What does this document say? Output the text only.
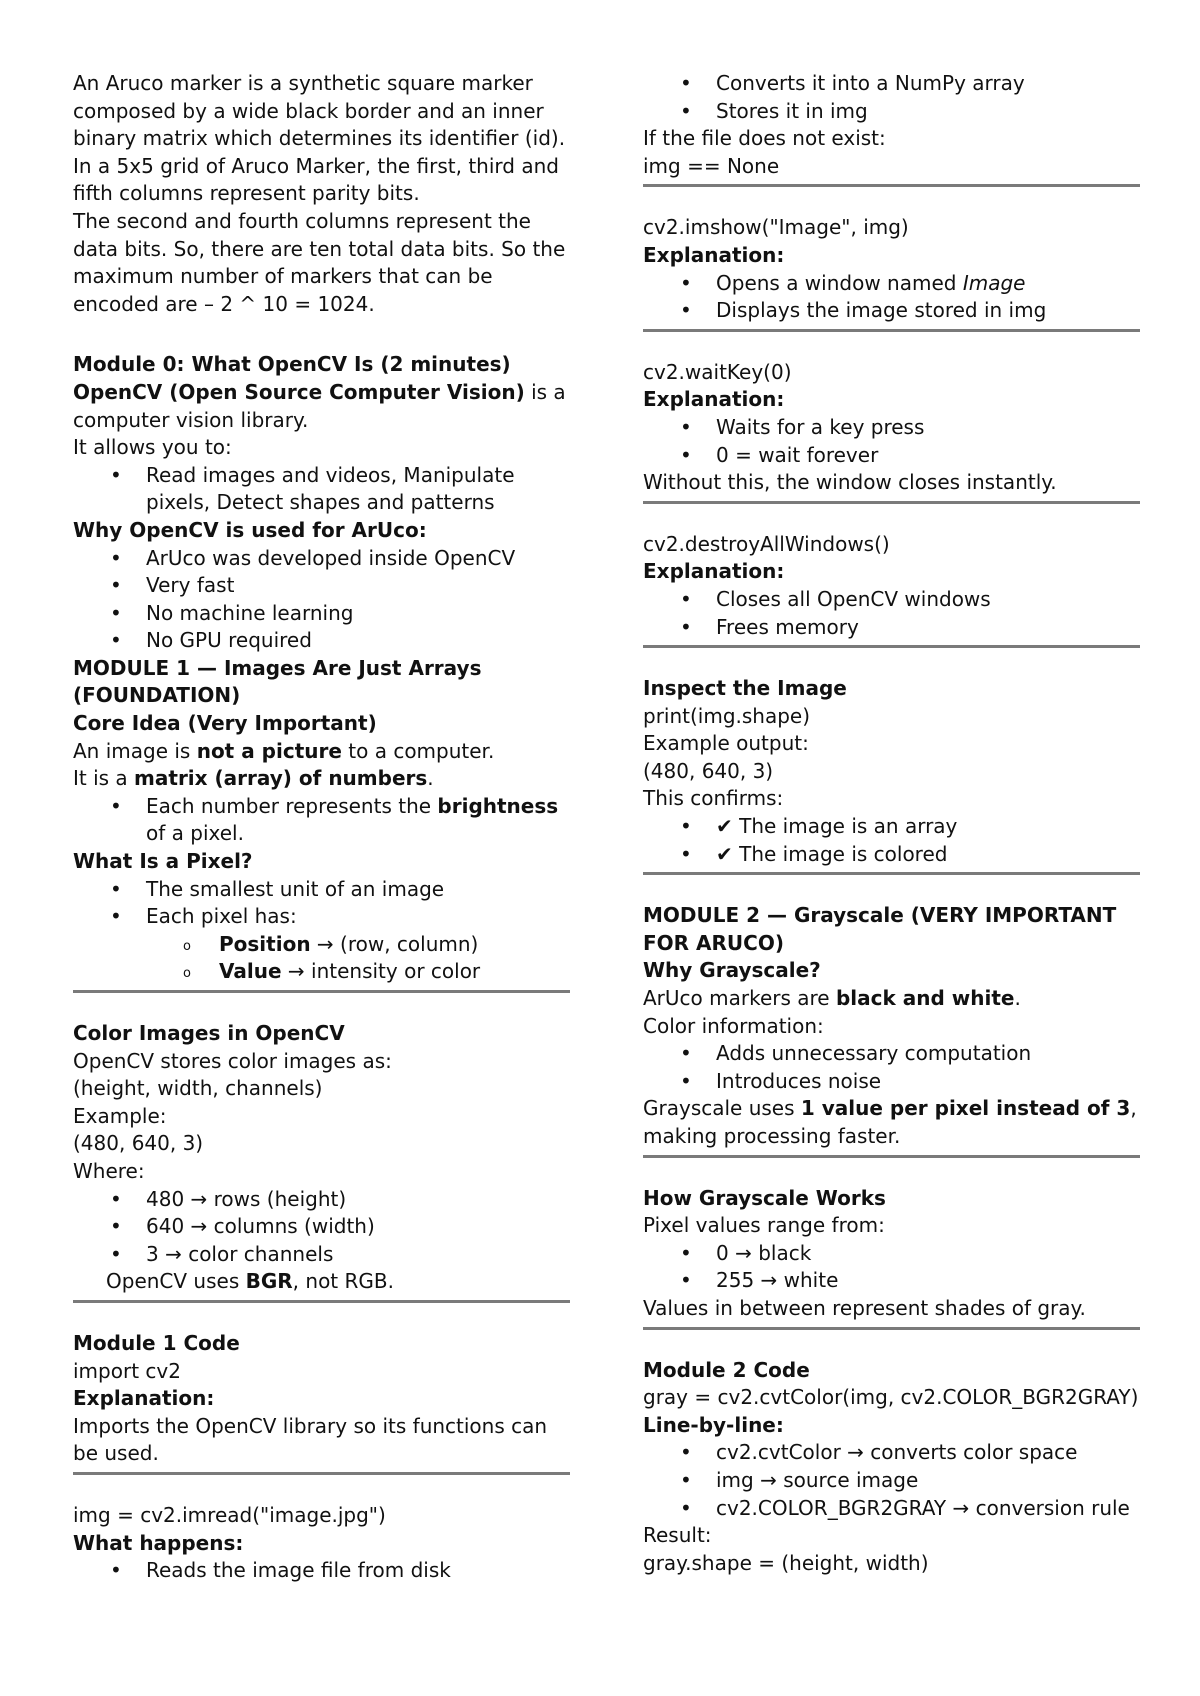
An Aruco marker is a synthetic square marker composed by a wide black border and an inner binary matrix which determines its identifier (id).

In a 5x5 grid of Aruco Marker, the first, third and fifth columns represent parity bits.

The second and fourth columns represent the data bits. So, there are ten total data bits. So the maximum number of markers that can be encoded are – 2 ^ 10 = 1024.

Module 0: What OpenCV Is (2 minutes)

OpenCV (Open Source Computer Vision) is a computer vision library.

It allows you to:

• Read images and videos, Manipulate pixels, Detect shapes and patterns

Why OpenCV is used for ArUco:

• ArUco was developed inside OpenCV
• Very fast
• No machine learning
• No GPU required

MODULE 1 — Images Are Just Arrays (FOUNDATION)

Core Idea (Very Important)

An image is not a picture to a computer.

It is a matrix (array) of numbers.

• Each number represents the brightness of a pixel.

What Is a Pixel?

• The smallest unit of an image
• Each pixel has:
o Position → (row, column)
o Value → intensity or color

Color Images in OpenCV

OpenCV stores color images as:

(height, width, channels)

Example:

(480, 640, 3)

Where:

• 480 → rows (height)
• 640 → columns (width)
• 3 → color channels

OpenCV uses BGR, not RGB.

Module 1 Code

import cv2

Explanation:

Imports the OpenCV library so its functions can be used.

img = cv2.imread("image.jpg")

What happens:

• Reads the image file from disk
• Converts it into a NumPy array
• Stores it in img

If the file does not exist:

img == None

cv2.imshow("Image", img)

Explanation:

• Opens a window named Image
• Displays the image stored in img

cv2.waitKey(0)

Explanation:

• Waits for a key press
• 0 = wait forever

Without this, the window closes instantly.

cv2.destroyAllWindows()

Explanation:

• Closes all OpenCV windows
• Frees memory

Inspect the Image

print(img.shape)

Example output:

(480, 640, 3)

This confirms:

• ✔ The image is an array
• ✔ The image is colored

MODULE 2 — Grayscale (VERY IMPORTANT FOR ARUCO)

Why Grayscale?

ArUco markers are black and white.

Color information:

• Adds unnecessary computation
• Introduces noise

Grayscale uses 1 value per pixel instead of 3, making processing faster.

How Grayscale Works

Pixel values range from:

• 0 → black
• 255 → white

Values in between represent shades of gray.

Module 2 Code

gray = cv2.cvtColor(img, cv2.COLOR_BGR2GRAY)

Line-by-line:

• cv2.cvtColor → converts color space
• img → source image
• cv2.COLOR_BGR2GRAY → conversion rule

Result:

gray.shape = (height, width)
